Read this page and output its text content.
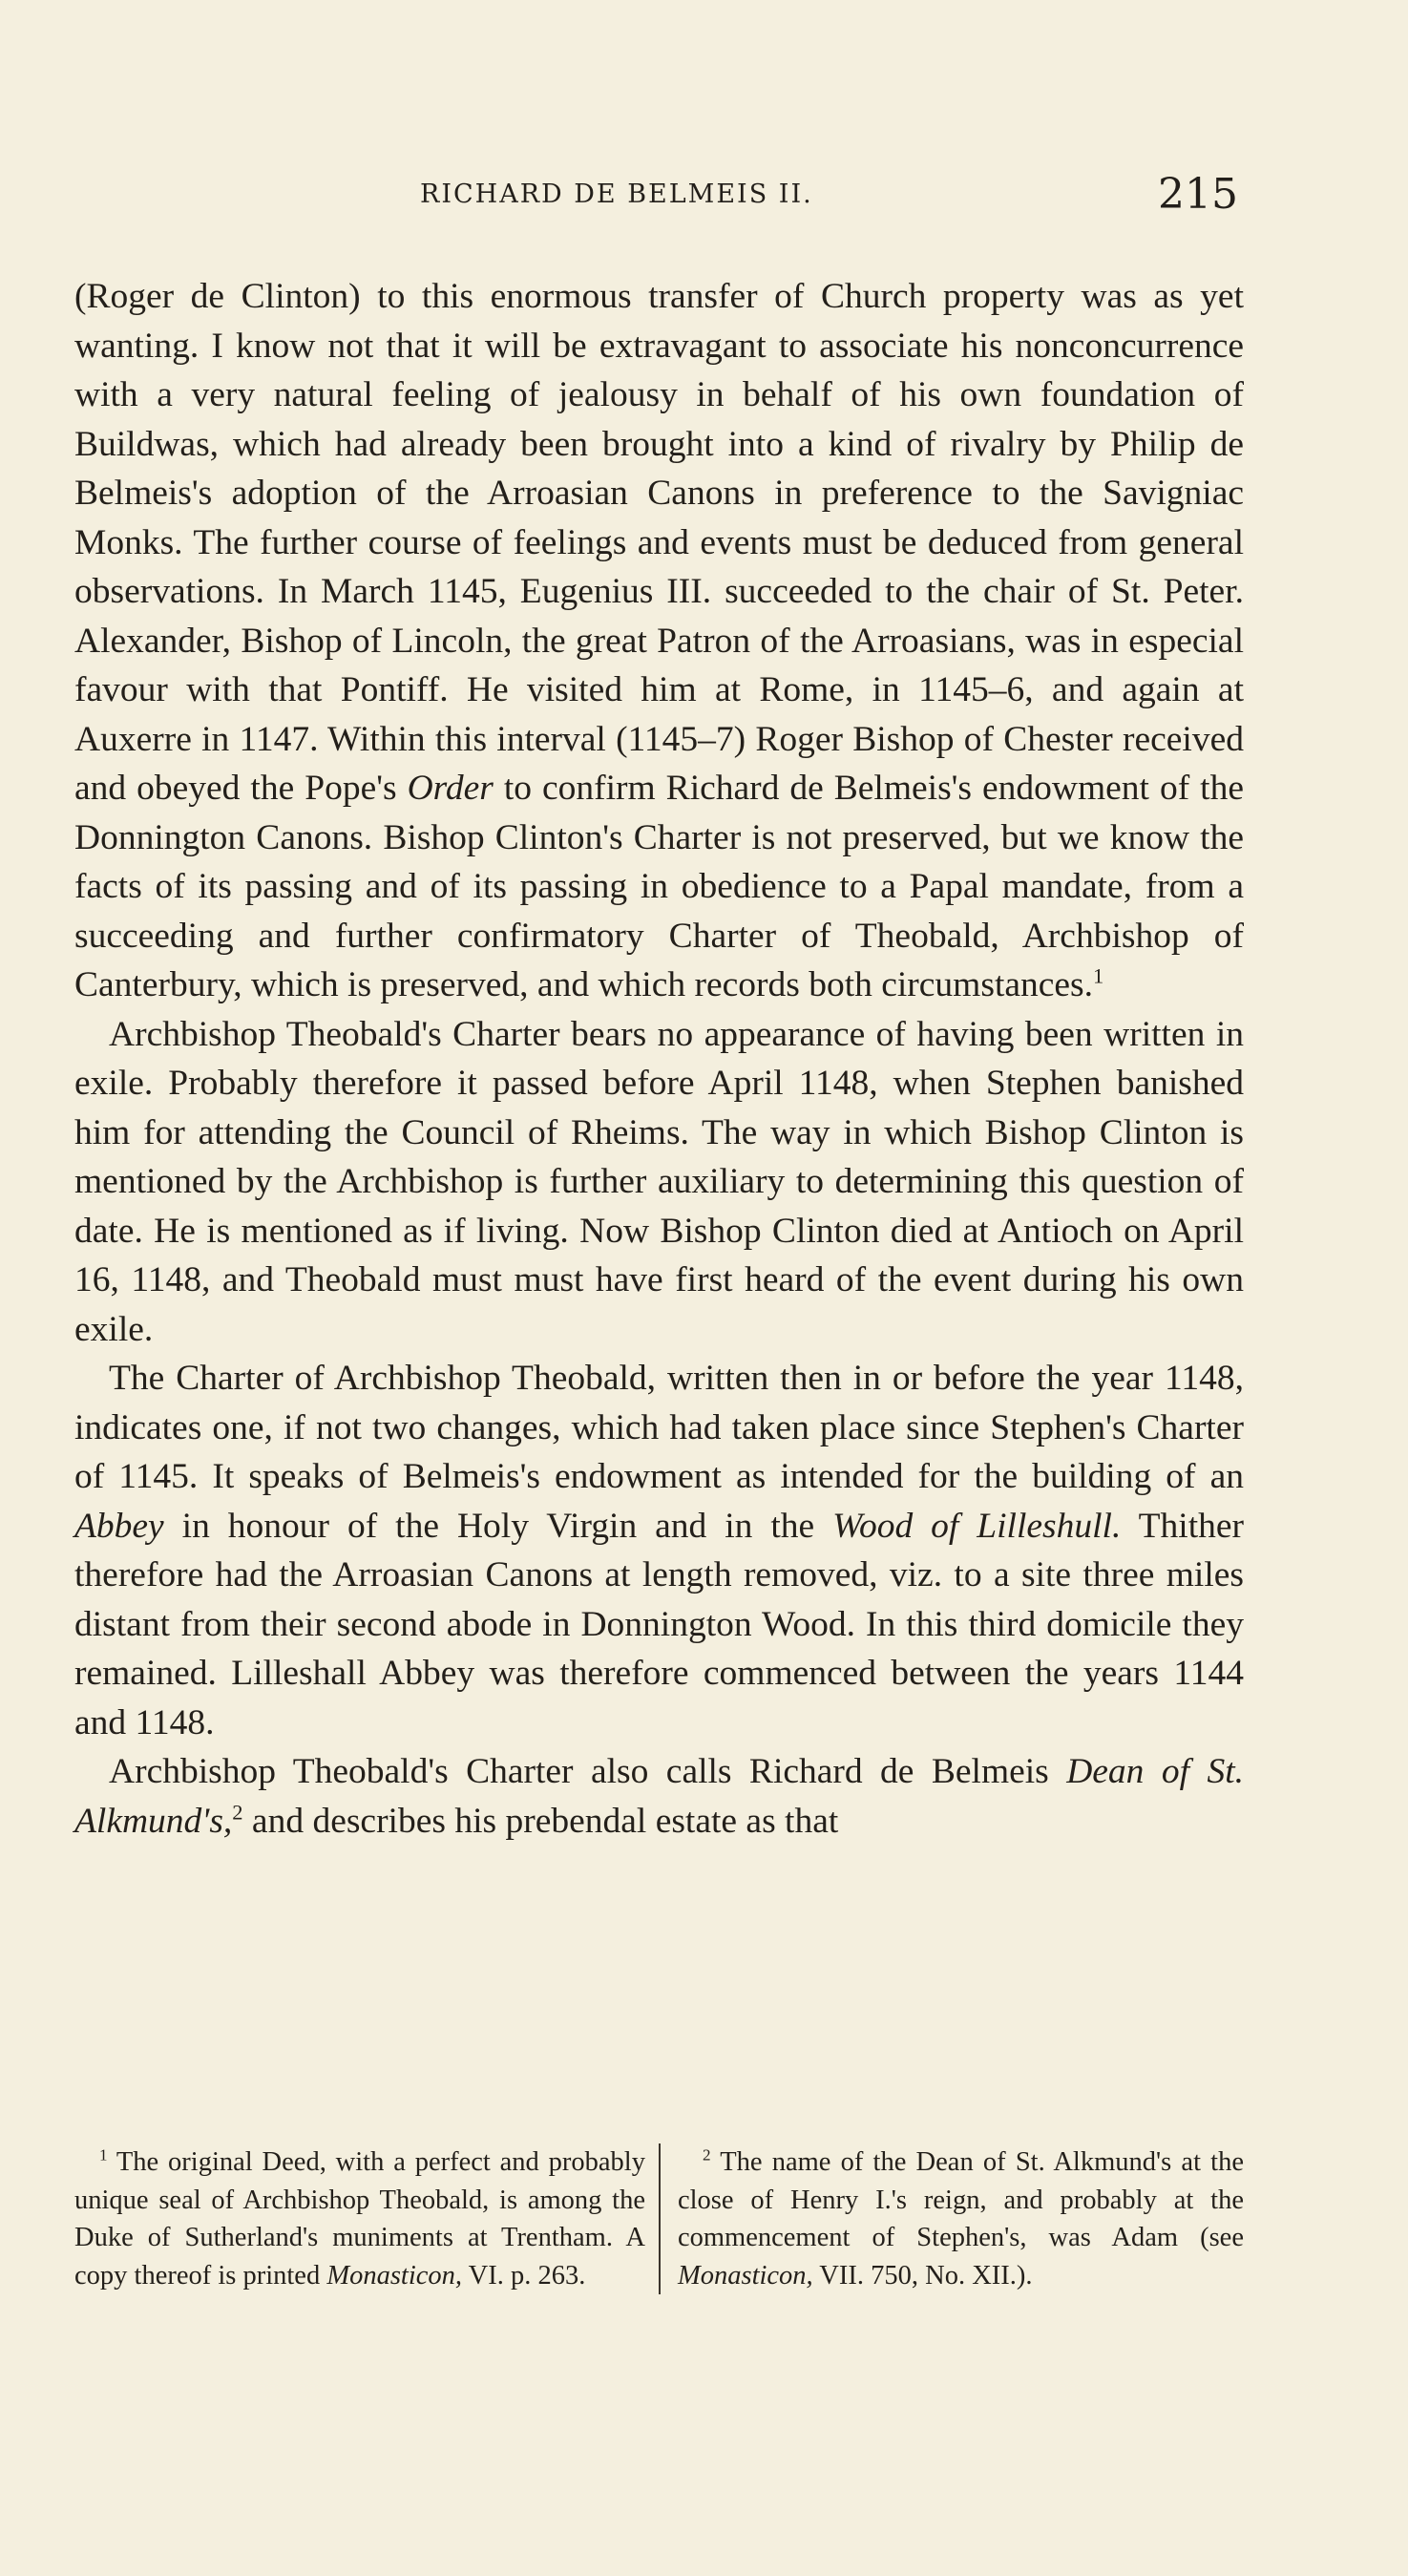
RICHARD DE BELMEIS II.	215

(Roger de Clinton) to this enormous transfer of Church property was as yet wanting. I know not that it will be extravagant to associate his nonconcurrence with a very natural feeling of jealousy in behalf of his own foundation of Buildwas, which had already been brought into a kind of rivalry by Philip de Belmeis's adoption of the Arroasian Canons in preference to the Savigniac Monks. The further course of feelings and events must be deduced from general observations. In March 1145, Eugenius III. succeeded to the chair of St. Peter. Alexander, Bishop of Lincoln, the great Patron of the Arroasians, was in especial favour with that Pontiff. He visited him at Rome, in 1145–6, and again at Auxerre in 1147. Within this interval (1145–7) Roger Bishop of Chester received and obeyed the Pope's Order to confirm Richard de Belmeis's endowment of the Donnington Canons. Bishop Clinton's Charter is not preserved, but we know the facts of its passing and of its passing in obedience to a Papal mandate, from a succeeding and further confirmatory Charter of Theobald, Archbishop of Canterbury, which is preserved, and which records both circumstances.$^1$

Archbishop Theobald's Charter bears no appearance of having been written in exile. Probably therefore it passed before April 1148, when Stephen banished him for attending the Council of Rheims. The way in which Bishop Clinton is mentioned by the Archbishop is further auxiliary to determining this question of date. He is mentioned as if living. Now Bishop Clinton died at Antioch on April 16, 1148, and Theobald must must have first heard of the event during his own exile.

The Charter of Archbishop Theobald, written then in or before the year 1148, indicates one, if not two changes, which had taken place since Stephen's Charter of 1145. It speaks of Belmeis's endowment as intended for the building of an Abbey in honour of the Holy Virgin and in the Wood of Lilleshull. Thither therefore had the Arroasian Canons at length removed, viz. to a site three miles distant from their second abode in Donnington Wood. In this third domicile they remained. Lilleshall Abbey was therefore commenced between the years 1144 and 1148.

Archbishop Theobald's Charter also calls Richard de Belmeis Dean of St. Alkmund's,$^2$ and describes his prebendal estate as that

$^1$ The original Deed, with a perfect and probably unique seal of Archbishop Theobald, is among the Duke of Sutherland's muniments at Trentham. A copy thereof is printed Monasticon, VI. p. 263.

$^2$ The name of the Dean of St. Alkmund's at the close of Henry I.'s reign, and probably at the commencement of Stephen's, was Adam (see Monasticon, VII. 750, No. XII.).
